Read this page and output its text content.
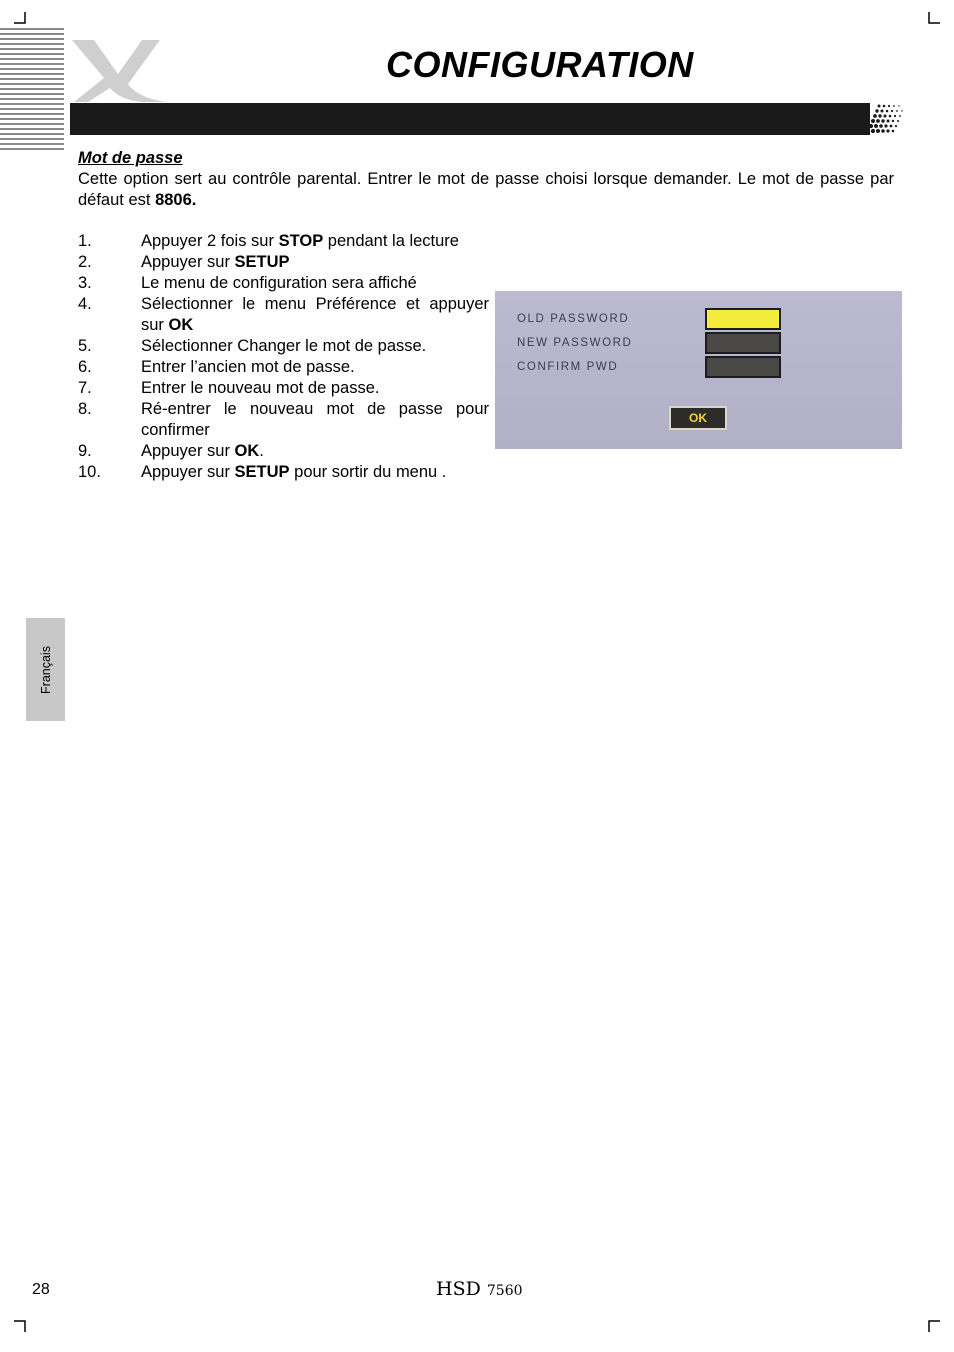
CONFIGURATION
Mot de passe

Cette option sert au contrôle parental. Entrer le mot de passe choisi lorsque demander. Le mot de passe par défaut est 8806.

1.	Appuyer 2 fois sur STOP pendant la lecture
2.	Appuyer sur SETUP
3.	Le menu de configuration sera affiché
4.	Sélectionner le menu Préférence et appuyer sur OK
5.	Sélectionner Changer le mot de passe.
6.	Entrer l’ancien mot de passe.
7.	Entrer le nouveau mot de passe.
8.	Ré-entrer le nouveau mot de passe pour confirmer
9.	Appuyer sur OK.
10.	Appuyer sur SETUP pour sortir du menu .
OLD PASSWORD
NEW PASSWORD
CONFIRM PWD
OK
Français
28	HSD 7560
